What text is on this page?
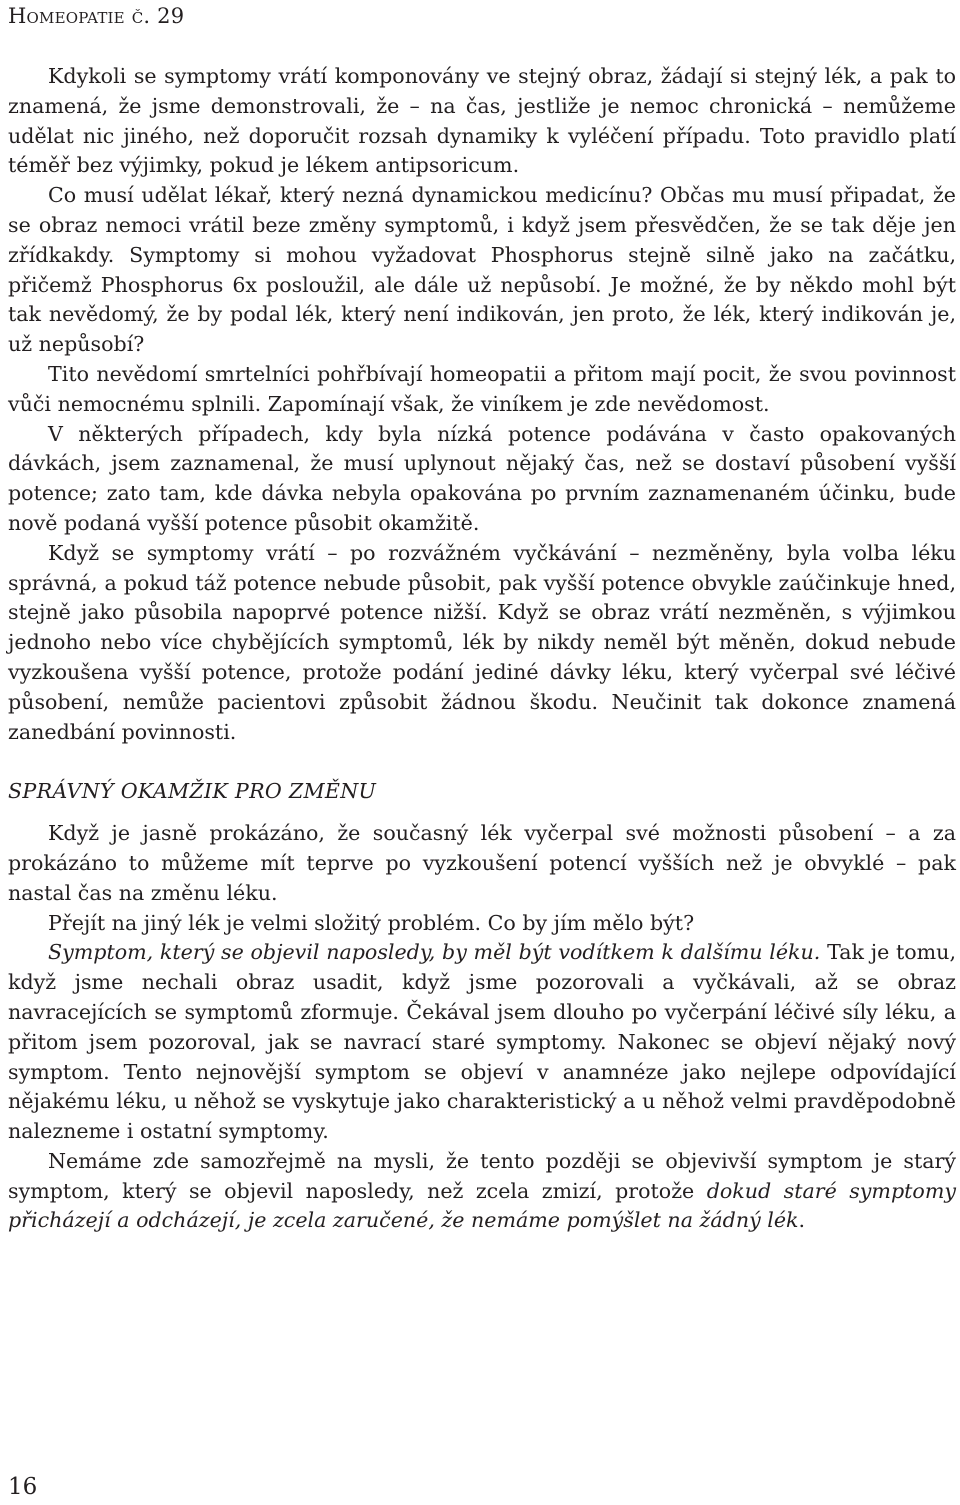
Homeopatie č. 29

Kdykoli se symptomy vrátí komponovány ve stejný obraz, žádají si stejný lék, a pak to znamená, že jsme demonstrovali, že – na čas, jestliže je nemoc chronická – nemůžeme udělat nic jiného, než doporučit rozsah dynamiky k vyléčení případu. Toto pravidlo platí téměř bez výjimky, pokud je lékem antipsoricum.

Co musí udělat lékař, který nezná dynamickou medicínu? Občas mu musí připadat, že se obraz nemoci vrátil beze změny symptomů, i když jsem přesvědčen, že se tak děje jen zřídkakdy. Symptomy si mohou vyžadovat Phosphorus stejně silně jako na začátku, přičemž Phosphorus 6x posloužil, ale dále už nepůsobí. Je možné, že by někdo mohl být tak nevědomý, že by podal lék, který není indikován, jen proto, že lék, který indikován je, už nepůsobí?

Tito nevědomí smrtelníci pohřbívají homeopatii a přitom mají pocit, že svou povinnost vůči nemocnému splnili. Zapomínají však, že viníkem je zde nevědomost.

V některých případech, kdy byla nízká potence podávána v často opakovaných dávkách, jsem zaznamenal, že musí uplynout nějaký čas, než se dostaví působení vyšší potence; zato tam, kde dávka nebyla opakována po prvním zaznamenaném účinku, bude nově podaná vyšší potence působit okamžitě.

Když se symptomy vrátí – po rozvážném vyčkávání – nezměněny, byla volba léku správná, a pokud táž potence nebude působit, pak vyšší potence obvykle zaúčinkuje hned, stejně jako působila napoprvé potence nižší. Když se obraz vrátí nezměněn, s výjimkou jednoho nebo více chybějících symptomů, lék by nikdy neměl být měněn, dokud nebude vyzkoušena vyšší potence, protože podání jediné dávky léku, který vyčerpal své léčivé působení, nemůže pacientovi způsobit žádnou škodu. Neučinit tak dokonce znamená zanedbání povinnosti.

SPRÁVNÝ OKAMŽIK PRO ZMĚNU

Když je jasně prokázáno, že současný lék vyčerpal své možnosti působení – a za prokázáno to můžeme mít teprve po vyzkoušení potencí vyšších než je obvyklé – pak nastal čas na změnu léku.

Přejít na jiný lék je velmi složitý problém. Co by jím mělo být?

Symptom, který se objevil naposledy, by měl být vodítkem k dalšímu léku. Tak je tomu, když jsme nechali obraz usadit, když jsme pozorovali a vyčkávali, až se obraz navracejících se symptomů zformuje. Čekával jsem dlouho po vyčerpání léčivé síly léku, a přitom jsem pozoroval, jak se navrací staré symptomy. Nakonec se objeví nějaký nový symptom. Tento nejnovější symptom se objeví v anamnéze jako nejlepe odpovídající nějakému léku, u něhož se vyskytuje jako charakteristický a u něhož velmi pravděpodobně nalezneme i ostatní symptomy.

Nemáme zde samozřejmě na mysli, že tento později se objevivší symptom je starý symptom, který se objevil naposledy, než zcela zmizí, protože dokud staré symptomy přicházejí a odcházejí, je zcela zaručené, že nemáme pomýšlet na žádný lék.

16
